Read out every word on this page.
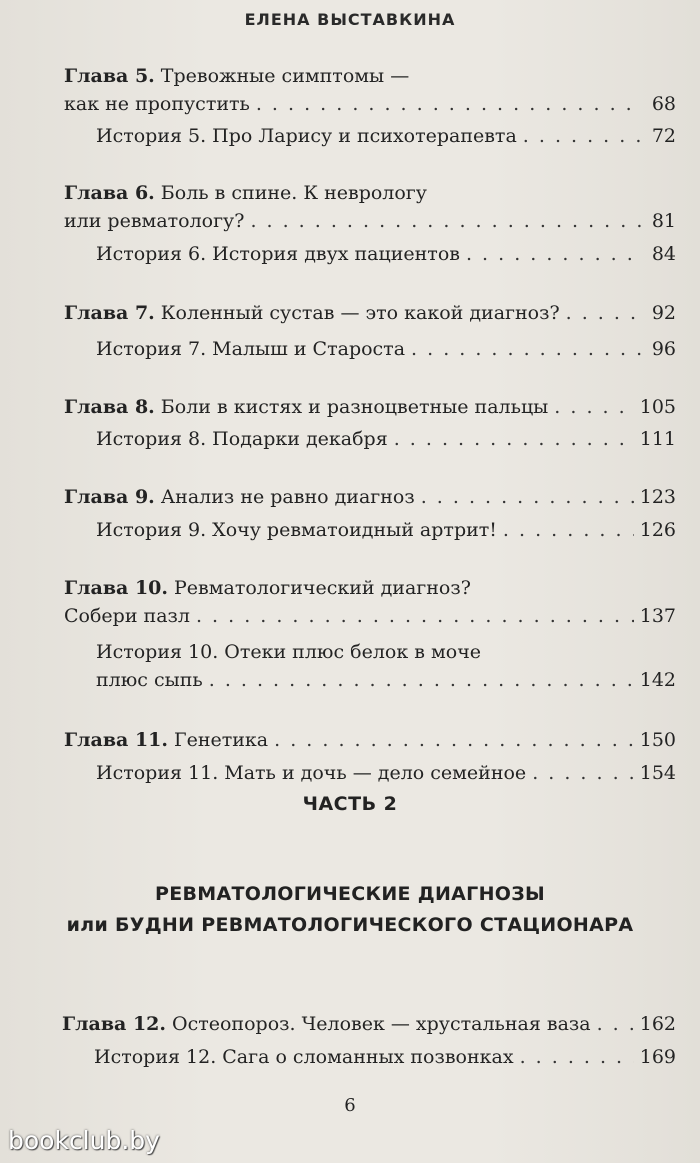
ЕЛЕНА ВЫСТАВКИНА
Глава 5. Тревожные симптомы —
как не пропустить . . .	68
История 5. Про Ларису и психотерапевта . . .	72
Глава 6. Боль в спине. К неврологу
или ревматологу? . . .	81
История 6. История двух пациентов . . .	84
Глава 7. Коленный сустав — это какой диагноз? . . .	92
История 7. Малыш и Староста . . .	96
Глава 8. Боли в кистях и разноцветные пальцы . . .	105
История 8. Подарки декабря . . .	111
Глава 9. Анализ не равно диагноз . . .	123
История 9. Хочу ревматоидный артрит! . . .	126
Глава 10. Ревматологический диагноз?
Собери пазл . . .	137
История 10. Отеки плюс белок в моче
плюс сыпь . . .	142
Глава 11. Генетика . . .	150
История 11. Мать и дочь — дело семейное . . .	154
ЧАСТЬ 2
РЕВМАТОЛОГИЧЕСКИЕ ДИАГНОЗЫ
или БУДНИ РЕВМАТОЛОГИЧЕСКОГО СТАЦИОНАРА
Глава 12. Остеопороз. Человек — хрустальная ваза . . .	162
История 12. Сага о сломанных позвонках . . .	169
6
bookclub.by
